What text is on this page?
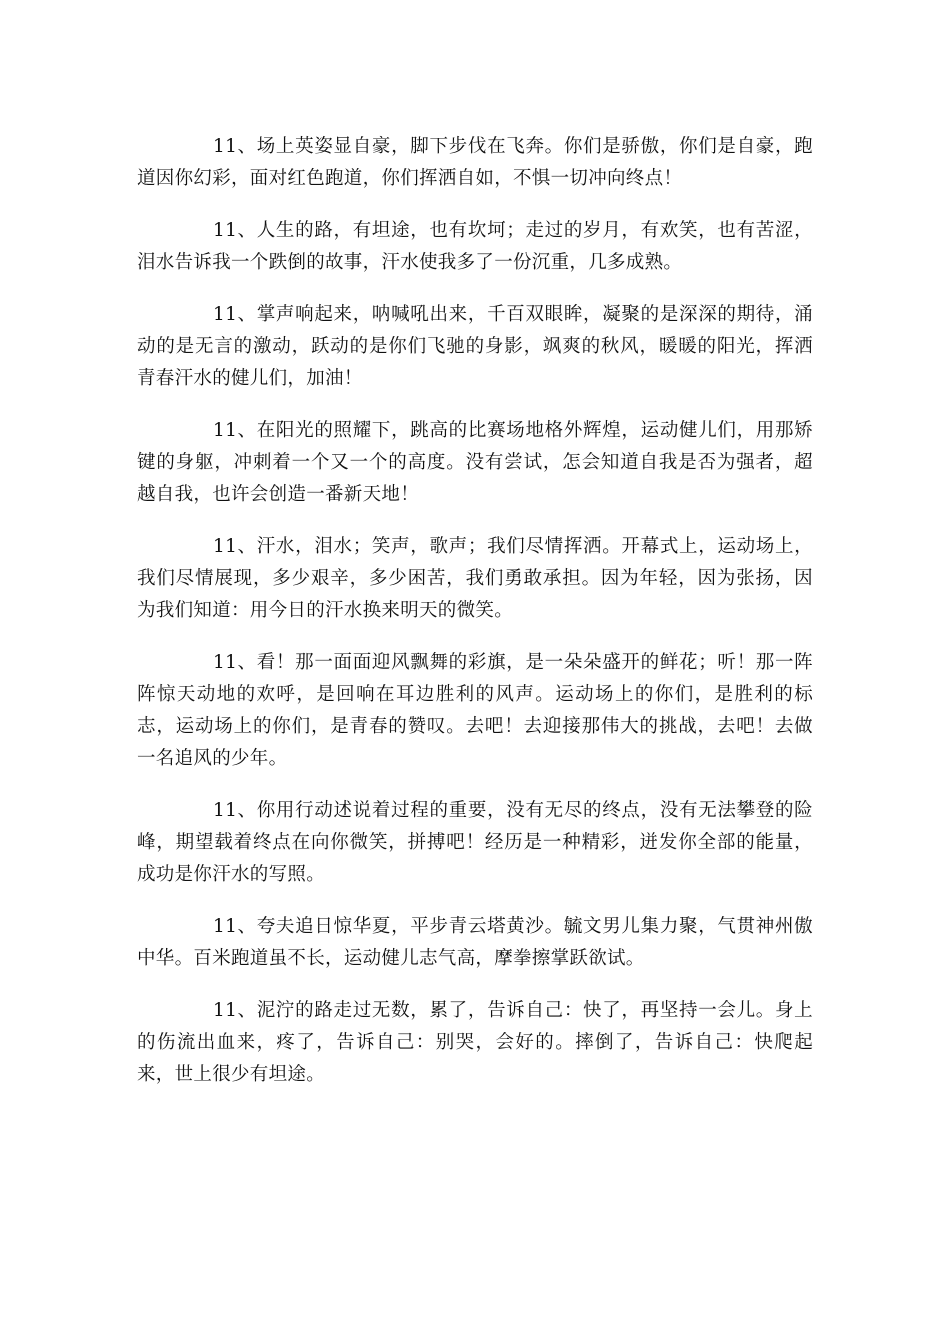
11、场上英姿显自豪，脚下步伐在飞奔。你们是骄傲，你们是自豪，跑道因你幻彩，面对红色跑道，你们挥洒自如，不惧一切冲向终点！

11、人生的路，有坦途，也有坎坷；走过的岁月，有欢笑，也有苦涩，泪水告诉我一个跌倒的故事，汗水使我多了一份沉重，几多成熟。

11、掌声响起来，呐喊吼出来，千百双眼眸，凝聚的是深深的期待，涌动的是无言的激动，跃动的是你们飞驰的身影，飒爽的秋风，暖暖的阳光，挥洒青春汗水的健儿们，加油！

11、在阳光的照耀下，跳高的比赛场地格外辉煌，运动健儿们，用那矫键的身躯，冲刺着一个又一个的高度。没有尝试，怎会知道自我是否为强者，超越自我，也许会创造一番新天地！

11、汗水，泪水；笑声，歌声；我们尽情挥洒。开幕式上，运动场上，我们尽情展现，多少艰辛，多少困苦，我们勇敢承担。因为年轻，因为张扬，因为我们知道：用今日的汗水换来明天的微笑。

11、看！那一面面迎风飘舞的彩旗，是一朵朵盛开的鲜花；听！那一阵阵惊天动地的欢呼，是回响在耳边胜利的风声。运动场上的你们，是胜利的标志，运动场上的你们，是青春的赞叹。去吧！去迎接那伟大的挑战，去吧！去做一名追风的少年。

11、你用行动述说着过程的重要，没有无尽的终点，没有无法攀登的险峰，期望载着终点在向你微笑，拼搏吧！经历是一种精彩，迸发你全部的能量，成功是你汗水的写照。

11、夸夫追日惊华夏，平步青云塔黄沙。毓文男儿集力聚，气贯神州傲中华。百米跑道虽不长，运动健儿志气高，摩拳擦掌跃欲试。

11、泥泞的路走过无数，累了，告诉自己：快了，再坚持一会儿。身上的伤流出血来，疼了，告诉自己：别哭，会好的。摔倒了，告诉自己：快爬起来，世上很少有坦途。
